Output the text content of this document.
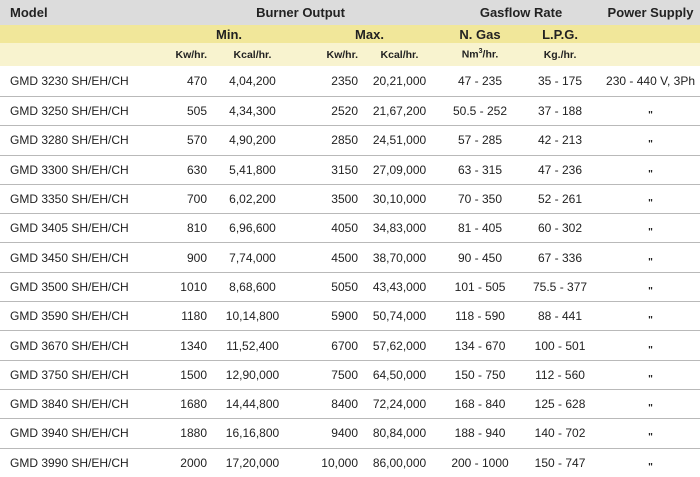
Model	Burner Output				Gasflow Rate		Power Supply
	Min.		Max.		N. Gas	L.P.G.	
	Kw/hr.	Kcal/hr.	Kw/hr.	Kcal/hr.	Nm$^3$/hr.	Kg./hr.	
GMD 3230 SH/EH/CH	470	4,04,200	2350	20,21,000	47 - 235	35 - 175	230 - 440 V, 3Ph
GMD 3250 SH/EH/CH	505	4,34,300	2520	21,67,200	50.5 - 252	37 - 188	$_"$
GMD 3280 SH/EH/CH	570	4,90,200	2850	24,51,000	57 - 285	42 - 213	$_"$
GMD 3300 SH/EH/CH	630	5,41,800	3150	27,09,000	63 - 315	47 - 236	$_"$
GMD 3350 SH/EH/CH	700	6,02,200	3500	30,10,000	70 - 350	52 - 261	$_"$
GMD 3405 SH/EH/CH	810	6,96,600	4050	34,83,000	81 - 405	60 - 302	$_"$
GMD 3450 SH/EH/CH	900	7,74,000	4500	38,70,000	90 - 450	67 - 336	$_"$
GMD 3500 SH/EH/CH	1010	8,68,600	5050	43,43,000	101 - 505	75.5 - 377	$_"$
GMD 3590 SH/EH/CH	1180	10,14,800	5900	50,74,000	118 - 590	88 - 441	$_"$
GMD 3670 SH/EH/CH	1340	11,52,400	6700	57,62,000	134 - 670	100 - 501	$_"$
GMD 3750 SH/EH/CH	1500	12,90,000	7500	64,50,000	150 - 750	112 - 560	$_"$
GMD 3840 SH/EH/CH	1680	14,44,800	8400	72,24,000	168 - 840	125 - 628	$_"$
GMD 3940 SH/EH/CH	1880	16,16,800	9400	80,84,000	188 - 940	140 - 702	$_"$
GMD 3990 SH/EH/CH	2000	17,20,000	10,000	86,00,000	200 - 1000	150 - 747	$_"$
